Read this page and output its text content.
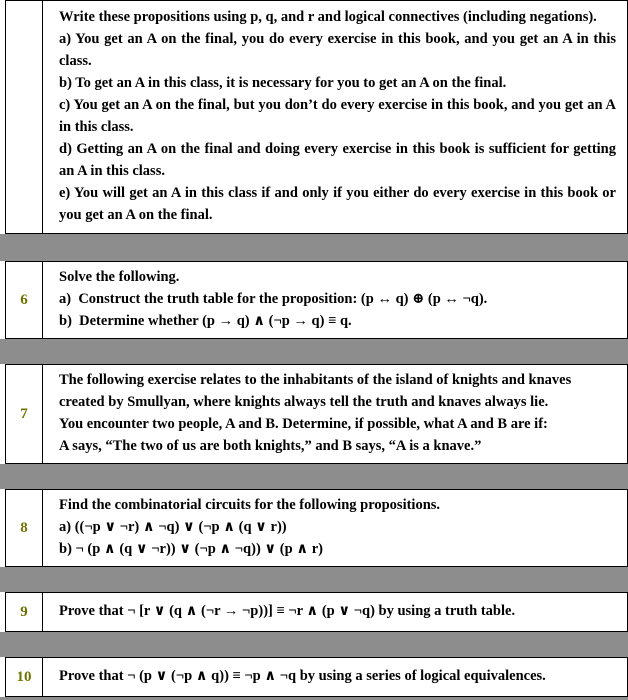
Write these propositions using p, q, and r and logical connectives (including negations).

a) You get an A on the final, you do every exercise in this book, and you get an A in this class.

b) To get an A in this class, it is necessary for you to get an A on the final.

c) You get an A on the final, but you don’t do every exercise in this book, and you get an A in this class.

d) Getting an A on the final and doing every exercise in this book is sufficient for getting an A in this class.

e) You will get an A in this class if and only if you either do every exercise in this book or you get an A on the final.

6

Solve the following.

a)  Construct the truth table for the proposition: (p ↔ q) ⊕ (p ↔ ¬q).

b)  Determine whether (p → q) ∧ (¬p → q) ≡ q.

7

The following exercise relates to the inhabitants of the island of knights and knaves

created by Smullyan, where knights always tell the truth and knaves always lie.

You encounter two people, A and B. Determine, if possible, what A and B are if:

A says, “The two of us are both knights,” and B says, “A is a knave.”

8

Find the combinatorial circuits for the following propositions.

a) ((¬p ∨ ¬r) ∧ ¬q) ∨ (¬p ∧ (q ∨ r))

b) ¬ (p ∧ (q ∨ ¬r)) ∨ (¬p ∧ ¬q)) ∨ (p ∧ r)

9	Prove that ¬ [r ∨ (q ∧ (¬r → ¬p))] ≡ ¬r ∧ (p ∨ ¬q) by using a truth table.

10	Prove that ¬ (p ∨ (¬p ∧ q)) ≡ ¬p ∧ ¬q by using a series of logical equivalences.
